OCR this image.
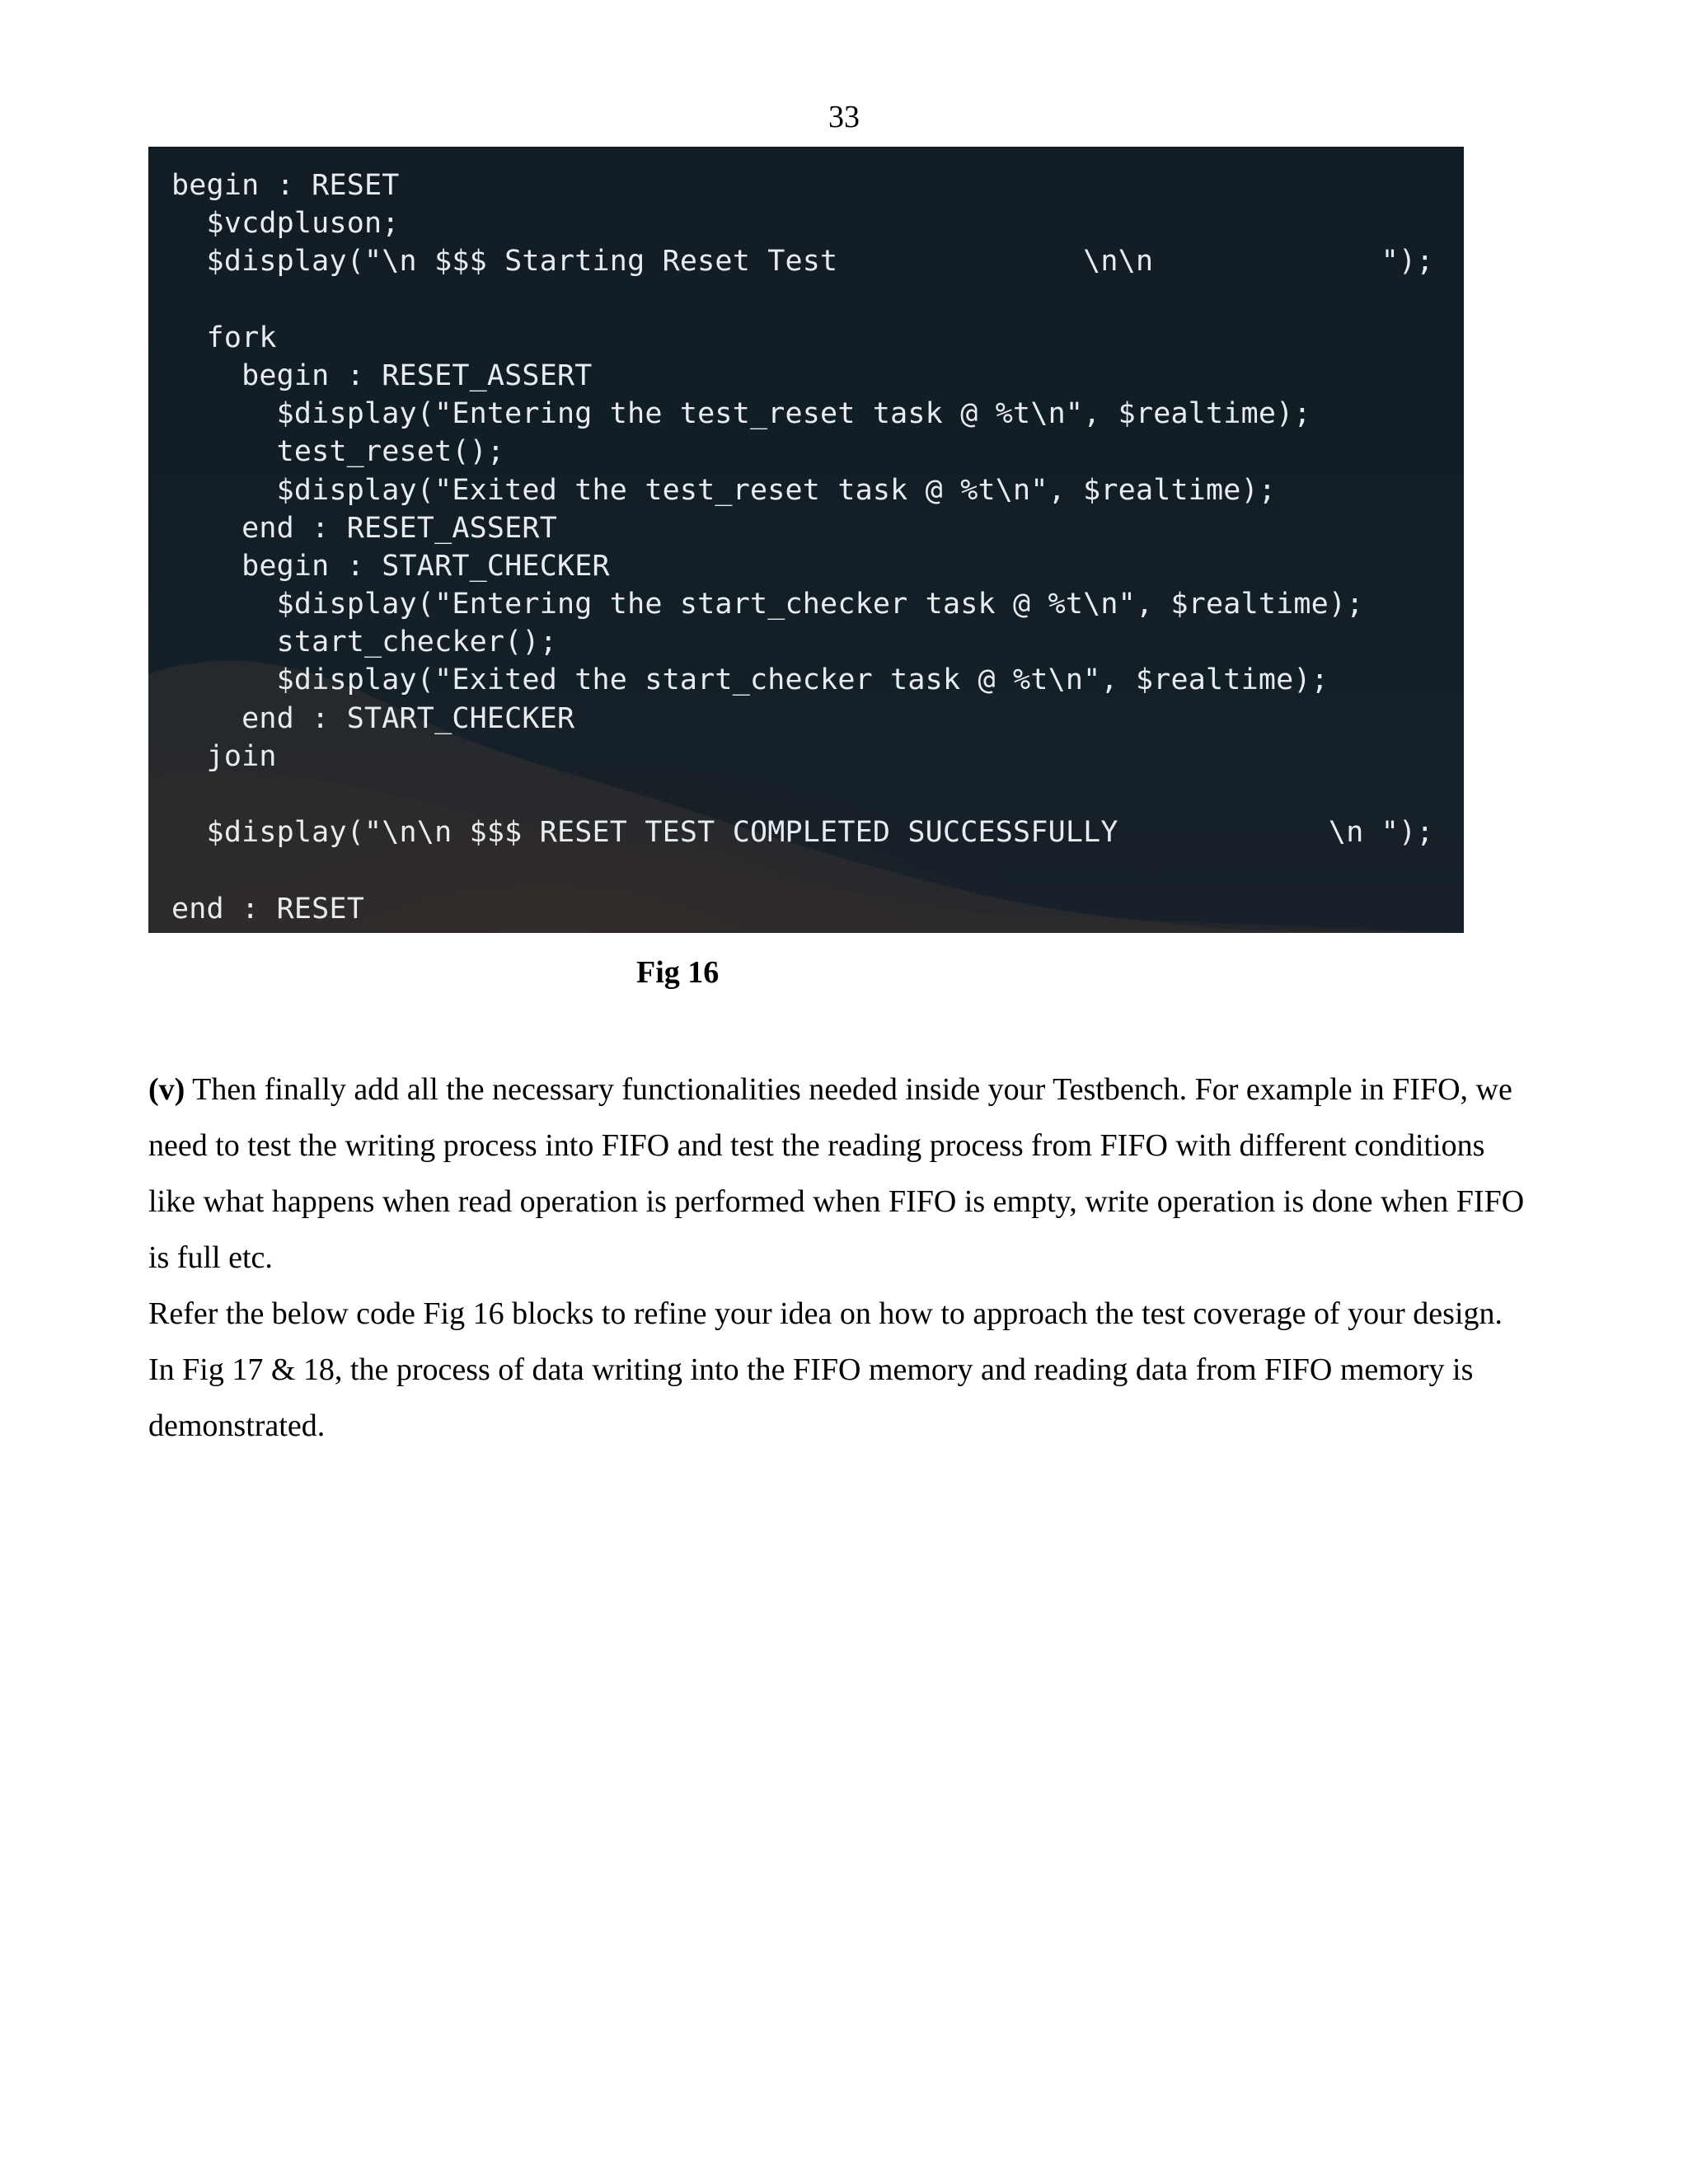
33
begin : RESET
$vcdpluson;
$display("\n $$$ Starting Reset Test              \n\n             ");
fork
begin : RESET_ASSERT
$display("Entering the test_reset task @ %t\n", $realtime);
test_reset();
$display("Exited the test_reset task @ %t\n", $realtime);
end : RESET_ASSERT
begin : START_CHECKER
$display("Entering the start_checker task @ %t\n", $realtime);
start_checker();
$display("Exited the start_checker task @ %t\n", $realtime);
end : START_CHECKER
join
$display("\n\n $$$ RESET TEST COMPLETED SUCCESSFULLY            \n ");
end : RESET
Fig 16

(v) Then finally add all the necessary functionalities needed inside your Testbench. For example in FIFO, we need to test the writing process into FIFO and test the reading process from FIFO with different conditions like what happens when read operation is performed when FIFO is empty, write operation is done when FIFO is full etc.

Refer the below code Fig 16 blocks to refine your idea on how to approach the test coverage of your design.

In Fig 17 & 18, the process of data writing into the FIFO memory and reading data from FIFO memory is demonstrated.
